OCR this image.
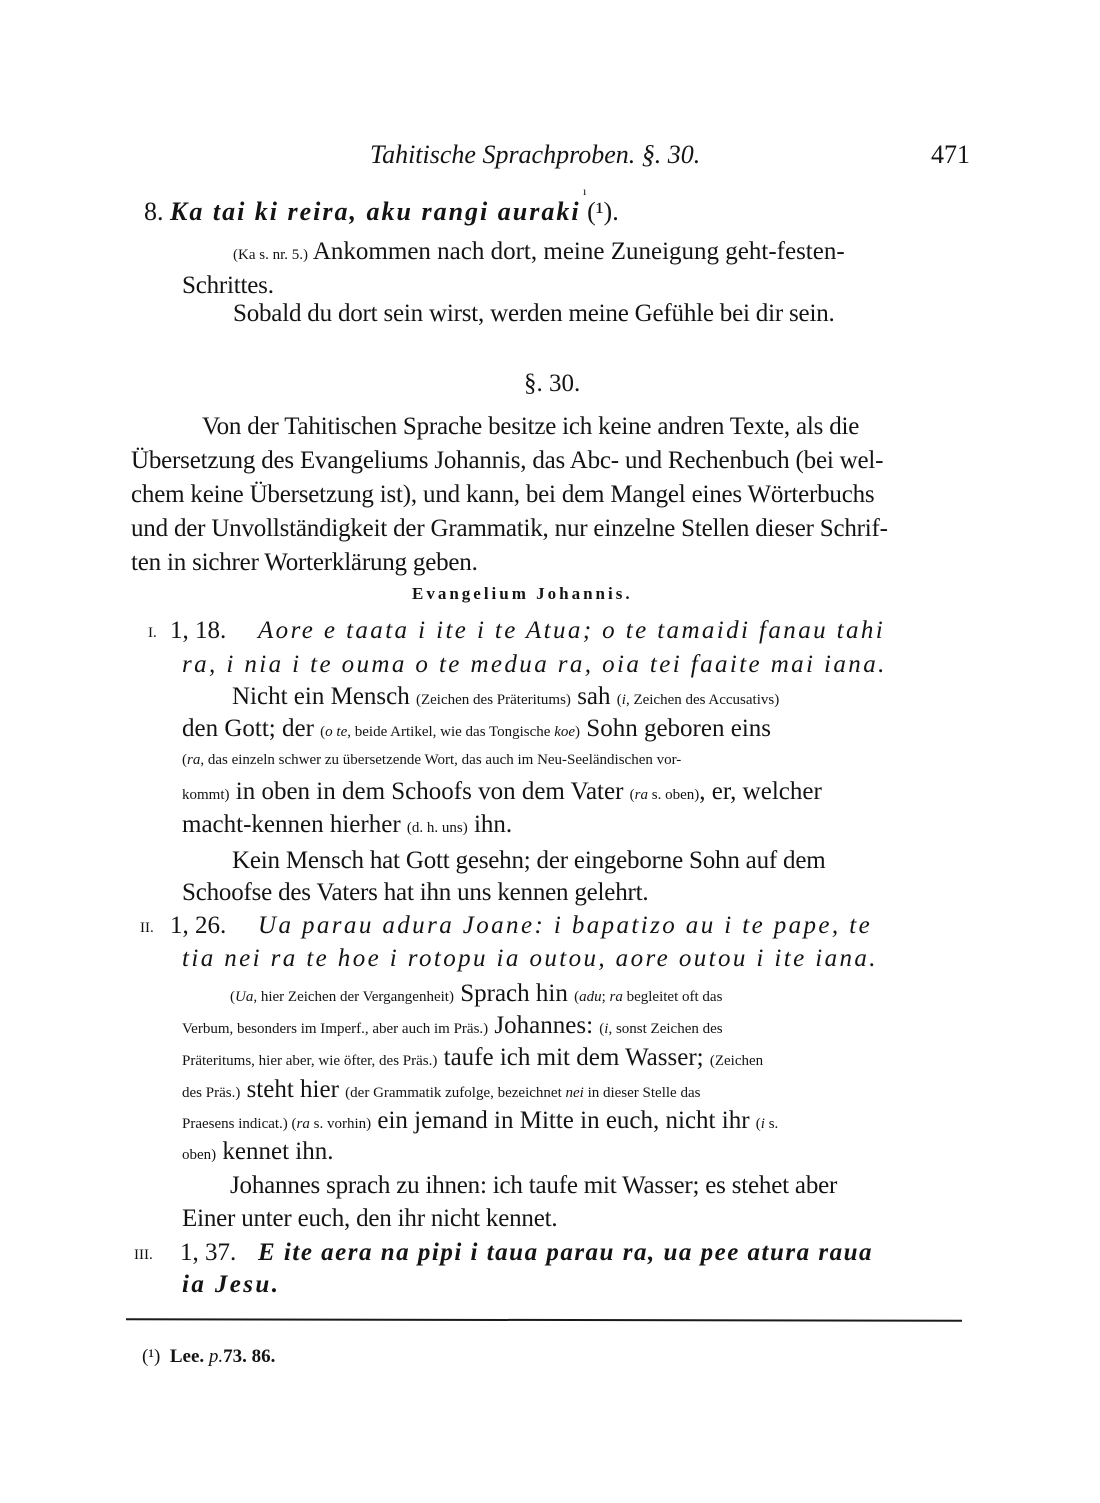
Tahitische Sprachproben. §. 30.	471
8. Ka tai ki reira, aku rangi auraki (¹).
ı
(Ka s. nr. 5.) Ankommen nach dort, meine Zuneigung geht-festen-
Schrittes.
Sobald du dort sein wirst, werden meine Gefühle bei dir sein.
§. 30.
Von der Tahitischen Sprache besitze ich keine andren Texte, als die
Übersetzung des Evangeliums Johannis, das Abc- und Rechenbuch (bei wel-
chem keine Übersetzung ist), und kann, bei dem Mangel eines Wörterbuchs
und der Unvollständigkeit der Grammatik, nur einzelne Stellen dieser Schrif-
ten in sichrer Worterklärung geben.
Evangelium Johannis.
I. 1, 18. Aore e taata i ite i te Atua; o te tamaidi fanau tahi
ra, i nia i te ouma o te medua ra, oia tei faaite mai iana.
Nicht ein Mensch (Zeichen des Präteritums) sah (i, Zeichen des Accusativs)
den Gott; der (o te, beide Artikel, wie das Tongische koe) Sohn geboren eins
(ra, das einzeln schwer zu übersetzende Wort, das auch im Neu-Seeländischen vor-
kommt) in oben in dem Schoofs von dem Vater (ra s. oben), er, welcher
macht-kennen hierher (d. h. uns) ihn.
Kein Mensch hat Gott gesehn; der eingeborne Sohn auf dem
Schoofse des Vaters hat ihn uns kennen gelehrt.
II. 1, 26. Ua parau adura Joane: i bapatizo au i te pape, te
tia nei ra te hoe i rotopu ia outou, aore outou i ite iana.
(Ua, hier Zeichen der Vergangenheit) Sprach hin (adu; ra begleitet oft das
Verbum, besonders im Imperf., aber auch im Präs.) Johannes: (i, sonst Zeichen des
Präteritums, hier aber, wie öfter, des Präs.) taufe ich mit dem Wasser; (Zeichen
des Präs.) steht hier (der Grammatik zufolge, bezeichnet nei in dieser Stelle das
Praesens indicat.) (ra s. vorhin) ein jemand in Mitte in euch, nicht ihr (i s.
oben) kennet ihn.
Johannes sprach zu ihnen: ich taufe mit Wasser; es stehet aber
Einer unter euch, den ihr nicht kennet.
III. 1, 37. E ite aera na pipi i taua parau ra, ua pee atura raua
ia Jesu.
(¹) Lee. p.73. 86.
